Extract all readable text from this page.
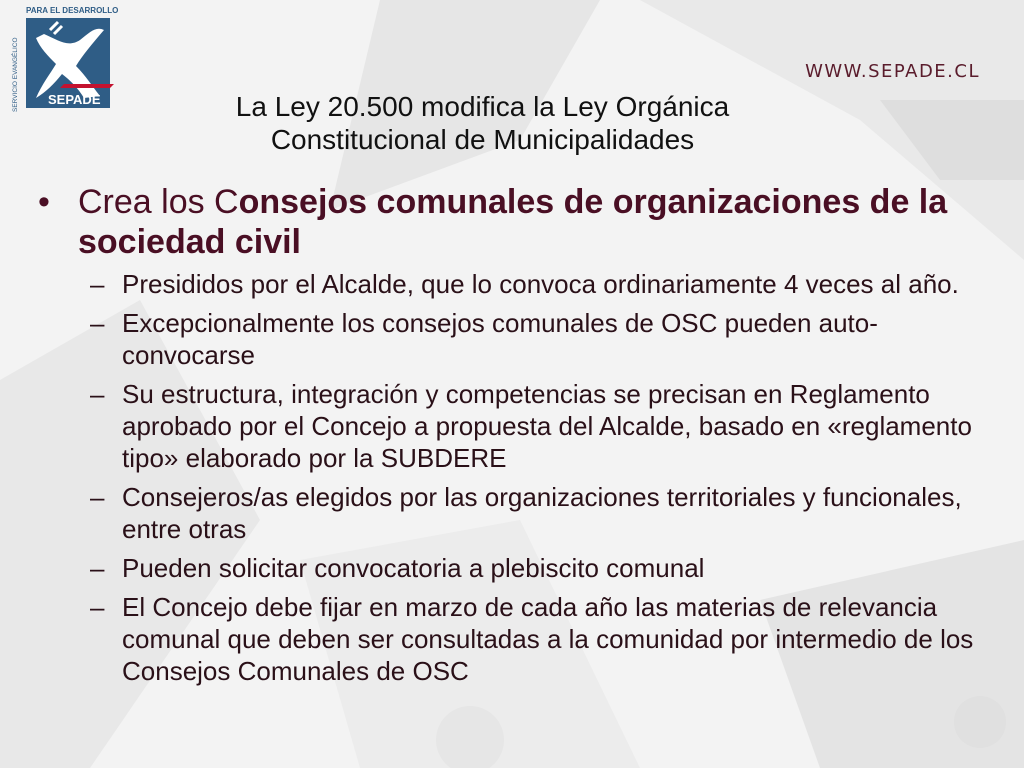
SERVICIO EVANGÉLICO
PARA EL DESARROLLO
SEPADE
WWW.SEPADE.CL
La Ley 20.500 modifica la Ley Orgánica
Constitucional de Municipalidades
• Crea los Consejos comunales de organizaciones de la sociedad civil
– Presididos por el Alcalde, que lo convoca ordinariamente 4 veces al año.
– Excepcionalmente los consejos comunales de OSC pueden auto-convocarse
– Su estructura, integración y competencias se precisan en Reglamento aprobado por el Concejo a propuesta del Alcalde, basado en «reglamento tipo» elaborado por la SUBDERE
– Consejeros/as elegidos por las organizaciones territoriales y funcionales, entre otras
– Pueden solicitar convocatoria a plebiscito comunal
– El Concejo debe fijar en marzo de cada año las materias de relevancia comunal que deben ser consultadas a la comunidad por intermedio de los Consejos Comunales de OSC
